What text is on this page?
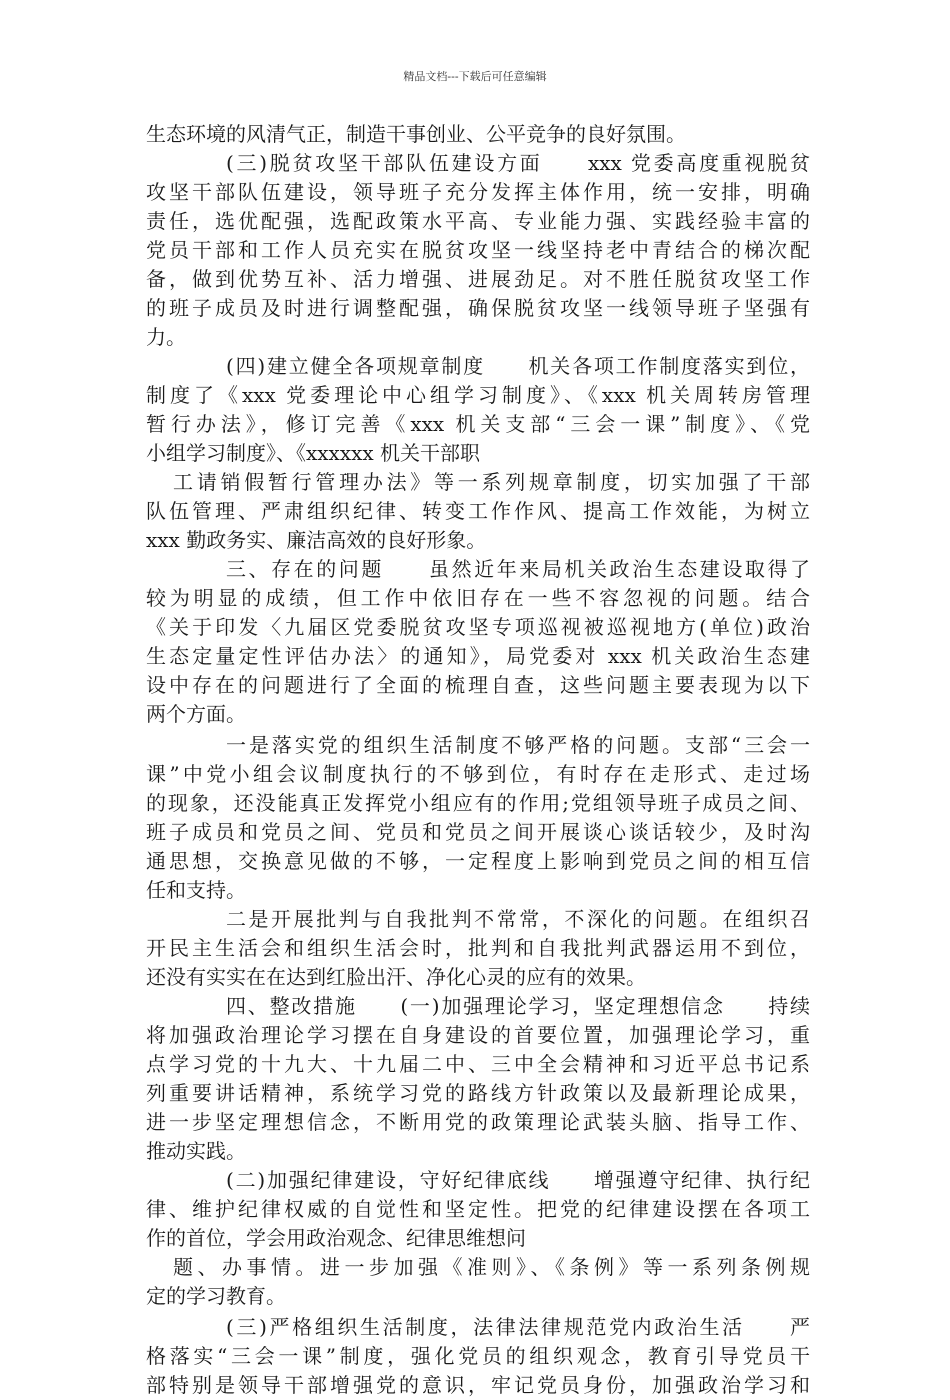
精品文档---下载后可任意编辑
生态环境的风清气正，制造干事创业、公平竞争的良好氛围。
(三)脱贫攻坚干部队伍建设方面　　xxx 党委高度重视脱贫
攻坚干部队伍建设，领导班子充分发挥主体作用，统一安排，明确
责任，选优配强，选配政策水平高、专业能力强、实践经验丰富的
党员干部和工作人员充实在脱贫攻坚一线坚持老中青结合的梯次配
备，做到优势互补、活力增强、进展劲足。对不胜任脱贫攻坚工作
的班子成员及时进行调整配强，确保脱贫攻坚一线领导班子坚强有
力。
(四)建立健全各项规章制度　　机关各项工作制度落实到位，
制度了《xxx 党委理论中心组学习制度》、《xxx 机关周转房管理
暂行办法》，修订完善《xxx 机关支部“三会一课”制度》、《党
小组学习制度》、《xxxxxx 机关干部职
工请销假暂行管理办法》等一系列规章制度，切实加强了干部
队伍管理、严肃组织纪律、转变工作作风、提高工作效能，为树立
xxx 勤政务实、廉洁高效的良好形象。
三、存在的问题　　虽然近年来局机关政治生态建设取得了
较为明显的成绩，但工作中依旧存在一些不容忽视的问题。结合
《关于印发〈九届区党委脱贫攻坚专项巡视被巡视地方(单位)政治
生态定量定性评估办法〉的通知》，局党委对 xxx 机关政治生态建
设中存在的问题进行了全面的梳理自查，这些问题主要表现为以下
两个方面。
一是落实党的组织生活制度不够严格的问题。支部“三会一
课”中党小组会议制度执行的不够到位，有时存在走形式、走过场
的现象，还没能真正发挥党小组应有的作用;党组领导班子成员之间、
班子成员和党员之间、党员和党员之间开展谈心谈话较少，及时沟
通思想，交换意见做的不够，一定程度上影响到党员之间的相互信
任和支持。
二是开展批判与自我批判不常常，不深化的问题。在组织召
开民主生活会和组织生活会时，批判和自我批判武器运用不到位，
还没有实实在在达到红脸出汗、净化心灵的应有的效果。
四、整改措施　　(一)加强理论学习，坚定理想信念　　持续
将加强政治理论学习摆在自身建设的首要位置，加强理论学习，重
点学习党的十九大、十九届二中、三中全会精神和习近平总书记系
列重要讲话精神，系统学习党的路线方针政策以及最新理论成果，
进一步坚定理想信念，不断用党的政策理论武装头脑、指导工作、
推动实践。
(二)加强纪律建设，守好纪律底线　　增强遵守纪律、执行纪
律、维护纪律权威的自觉性和坚定性。把党的纪律建设摆在各项工
作的首位，学会用政治观念、纪律思维想问
题、办事情。进一步加强《准则》、《条例》等一系列条例规
定的学习教育。
(三)严格组织生活制度，法律法律规范党内政治生活　　严
格落实“三会一课”制度，强化党员的组织观念，教育引导党员干
部特别是领导干部增强党的意识，牢记党员身份，加强政治学习和
